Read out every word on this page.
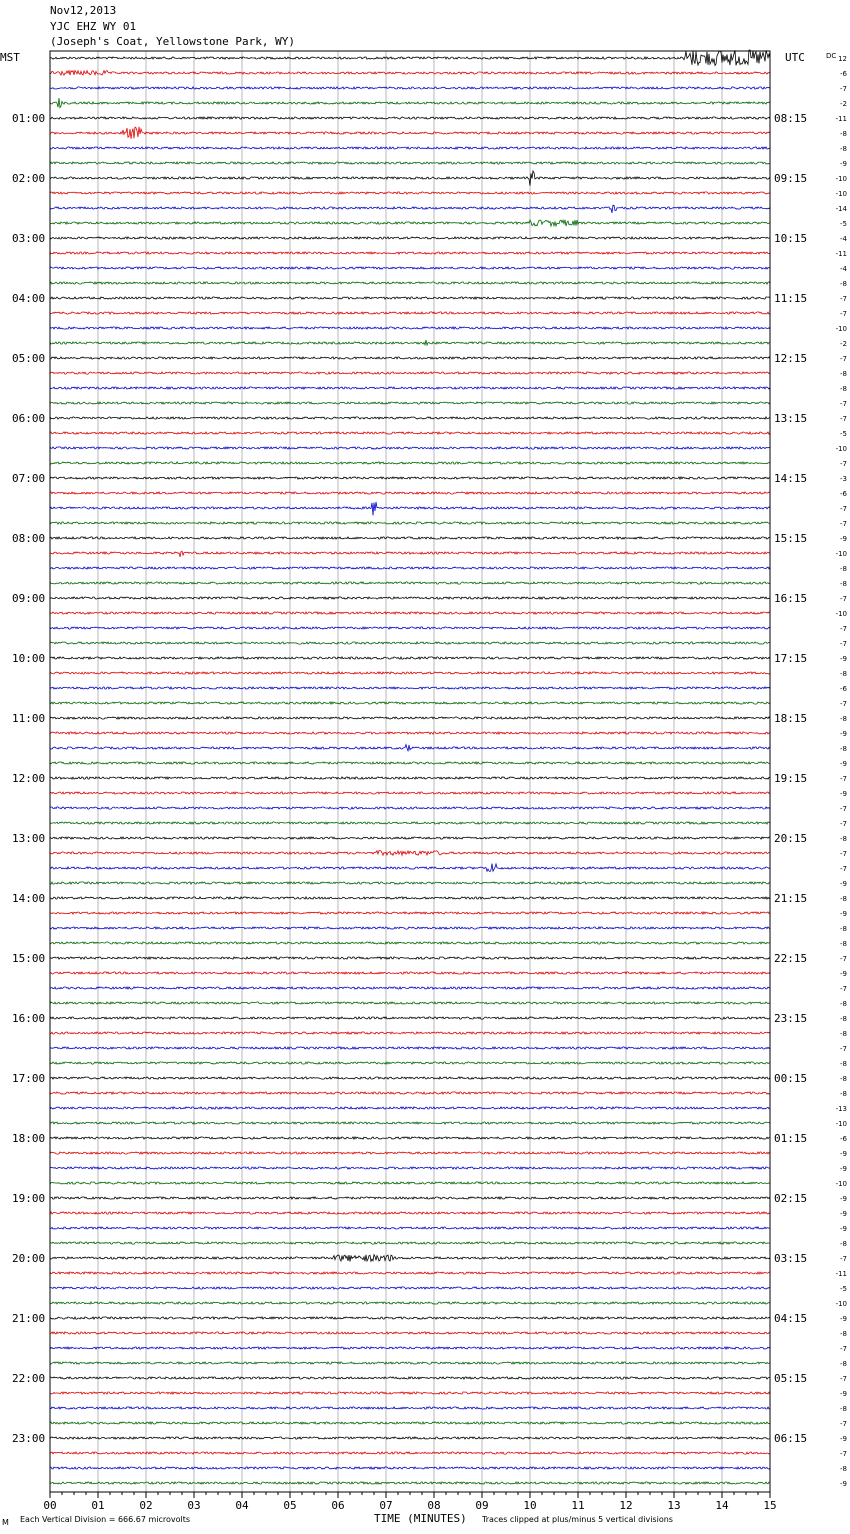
Nov12,2013
YJC EHZ WY 01
(Joseph's Coat, Yellowstone Park, WY)
MST	UTC	DC
01:00
02:00
03:00
04:00
05:00
06:00
07:00
08:00
09:00
10:00
11:00
12:00
13:00
14:00
15:00
16:00
17:00
18:00
19:00
20:00
21:00
22:00
23:00
08:15
09:15
10:15
11:15
12:15
13:15
14:15
15:15
16:15
17:15
18:15
19:15
20:15
21:15
22:15
23:15
00:15
01:15
02:15
03:15
04:15
05:15
06:15
12
-6
-7
-2
-11
-8
-8
-9
-10
-10
-14
-5
-4
-11
-4
-8
-7
-7
-10
-2
-7
-8
-8
-7
-7
-5
-10
-7
-3
-6
-7
-7
-9
-10
-8
-8
-7
-10
-7
-7
-9
-8
-6
-7
-8
-9
-8
-9
-7
-9
-7
-7
-8
-7
-7
-9
-8
-9
-8
-8
-7
-9
-7
-8
-8
-8
-7
-8
-8
-8
-13
-10
-6
-9
-9
-10
-9
-9
-9
-8
-7
-11
-5
-10
-9
-8
-7
-8
-7
-9
-8
-7
-9
-7
-8
-9
00	01	02	03	04	05	06	07	08	09	10	11	12	13	14	15
TIME (MINUTES)
M Each Vertical Division = 666.67 microvolts	Traces clipped at plus/minus 5 vertical divisions
